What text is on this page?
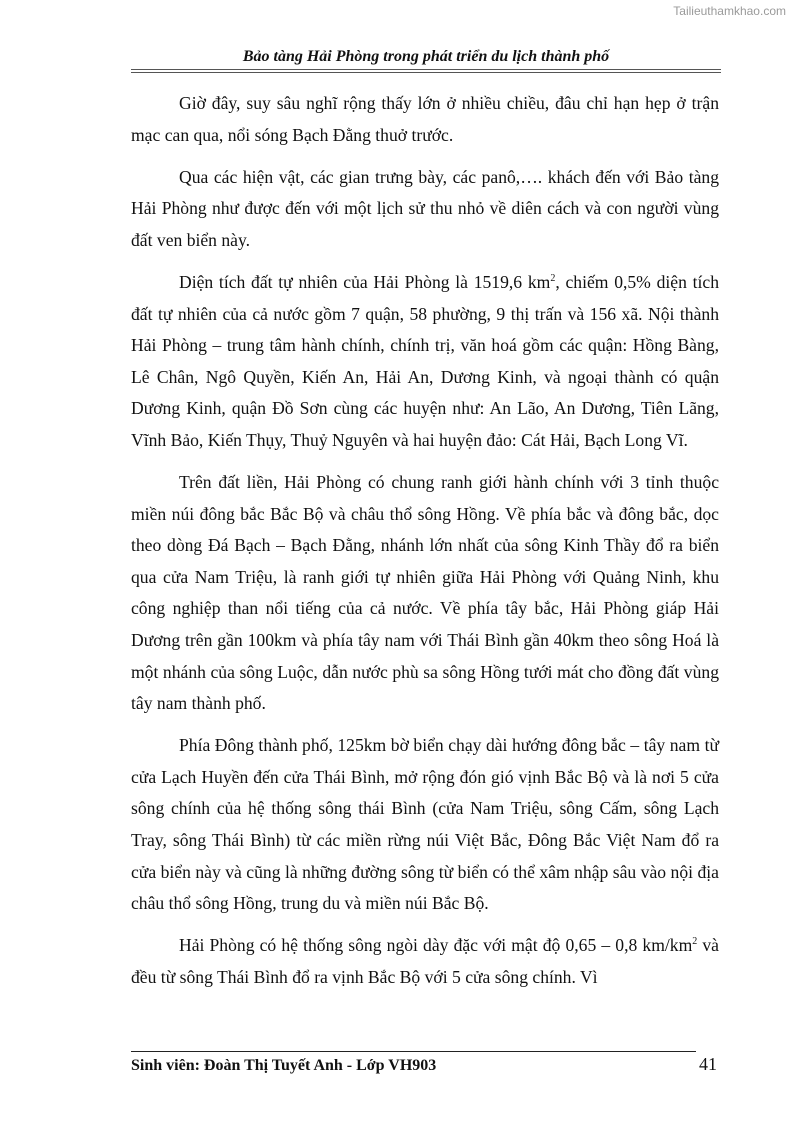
Tailieuthamkhao.com
Bảo tàng Hải Phòng trong phát triển du lịch thành phố

Giờ đây, suy sâu nghĩ rộng thấy lớn ở nhiều chiều, đâu chỉ hạn hẹp ở trận mạc can qua, nổi sóng Bạch Đằng thuở trước.

Qua các hiện vật, các gian trưng bày, các panô,…. khách đến với Bảo tàng Hải Phòng như được đến với một lịch sử thu nhỏ về diên cách và con người vùng đất ven biển này.

Diện tích đất tự nhiên của Hải Phòng là 1519,6 $km^2$, chiếm 0,5% diện tích đất tự nhiên của cả nước gồm 7 quận, 58 phường, 9 thị trấn và 156 xã. Nội thành Hải Phòng – trung tâm hành chính, chính trị, văn hoá gồm các quận: Hồng Bàng, Lê Chân, Ngô Quyền, Kiến An, Hải An, Dương Kinh, và ngoại thành có quận Dương Kinh, quận Đồ Sơn cùng các huyện như: An Lão, An Dương, Tiên Lãng, Vĩnh Bảo, Kiến Thụy, Thuỷ Nguyên và hai huyện đảo: Cát Hải, Bạch Long Vĩ.

Trên đất liền, Hải Phòng có chung ranh giới hành chính với 3 tỉnh thuộc miền núi đông bắc Bắc Bộ và châu thổ sông Hồng. Về phía bắc và đông bắc, dọc theo dòng Đá Bạch – Bạch Đằng, nhánh lớn nhất của sông Kinh Thầy đổ ra biển qua cửa Nam Triệu, là ranh giới tự nhiên giữa Hải Phòng với Quảng Ninh, khu công nghiệp than nổi tiếng của cả nước. Về phía tây bắc, Hải Phòng giáp Hải Dương trên gần 100km và phía tây nam với Thái Bình gần 40km theo sông Hoá là một nhánh của sông Luộc, dẫn nước phù sa sông Hồng tưới mát cho đồng đất vùng tây nam thành phố.

Phía Đông thành phố, 125km bờ biển chạy dài hướng đông bắc – tây nam từ cửa Lạch Huyền đến cửa Thái Bình, mở rộng đón gió vịnh Bắc Bộ và là nơi 5 cửa sông chính của hệ thống sông thái Bình (cửa Nam Triệu, sông Cấm, sông Lạch Tray, sông Thái Bình) từ các miền rừng núi Việt Bắc, Đông Bắc Việt Nam đổ ra cửa biển này và cũng là những đường sông từ biển có thể xâm nhập sâu vào nội địa châu thổ sông Hồng, trung du và miền núi Bắc Bộ.

Hải Phòng có hệ thống sông ngòi dày đặc với mật độ 0,65 – 0,8 $km/km^2$ và đều từ sông Thái Bình đổ ra vịnh Bắc Bộ với 5 cửa sông chính. Vì

Sinh viên: Đoàn Thị Tuyết Anh - Lớp VH903	41
